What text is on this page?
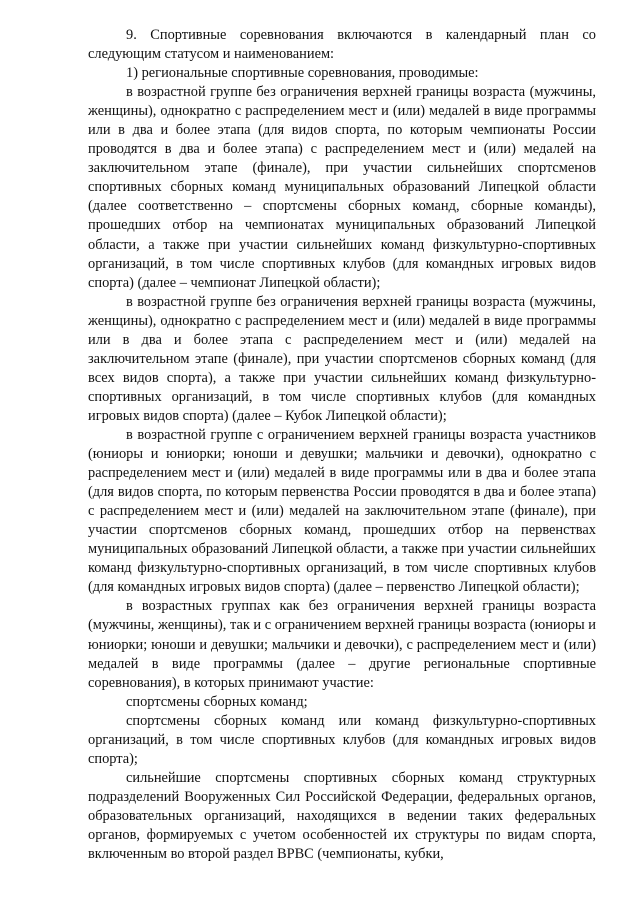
9. Спортивные соревнования включаются в календарный план со следующим статусом и наименованием:

1) региональные спортивные соревнования, проводимые:

в возрастной группе без ограничения верхней границы возраста (мужчины, женщины), однократно с распределением мест и (или) медалей в виде программы или в два и более этапа (для видов спорта, по которым чемпионаты России проводятся в два и более этапа) с распределением мест и (или) медалей на заключительном этапе (финале), при участии сильнейших спортсменов спортивных сборных команд муниципальных образований Липецкой области (далее соответственно – спортсмены сборных команд, сборные команды), прошедших отбор на чемпионатах муниципальных образований Липецкой области, а также при участии сильнейших команд физкультурно-спортивных организаций, в том числе спортивных клубов (для командных игровых видов спорта) (далее – чемпионат Липецкой области);

в возрастной группе без ограничения верхней границы возраста (мужчины, женщины), однократно с распределением мест и (или) медалей в виде программы или в два и более этапа с распределением мест и (или) медалей на заключительном этапе (финале), при участии спортсменов сборных команд (для всех видов спорта), а также при участии сильнейших команд физкультурно-спортивных организаций, в том числе спортивных клубов (для командных игровых видов спорта) (далее – Кубок Липецкой области);

в возрастной группе с ограничением верхней границы возраста участников (юниоры и юниорки; юноши и девушки; мальчики и девочки), однократно с распределением мест и (или) медалей в виде программы или в два и более этапа (для видов спорта, по которым первенства России проводятся в два и более этапа) с распределением мест и (или) медалей на заключительном этапе (финале), при участии спортсменов сборных команд, прошедших отбор на первенствах муниципальных образований Липецкой области, а также при участии сильнейших команд физкультурно-спортивных организаций, в том числе спортивных клубов (для командных игровых видов спорта) (далее – первенство Липецкой области);

в возрастных группах как без ограничения верхней границы возраста (мужчины, женщины), так и с ограничением верхней границы возраста (юниоры и юниорки; юноши и девушки; мальчики и девочки), с распределением мест и (или) медалей в виде программы (далее – другие региональные спортивные соревнования), в которых принимают участие:

спортсмены сборных команд;

спортсмены сборных команд или команд физкультурно-спортивных организаций, в том числе спортивных клубов (для командных игровых видов спорта);

сильнейшие спортсмены спортивных сборных команд структурных подразделений Вооруженных Сил Российской Федерации, федеральных органов, образовательных организаций, находящихся в ведении таких федеральных органов, формируемых с учетом особенностей их структуры по видам спорта, включенным во второй раздел ВРВС (чемпионаты, кубки,
